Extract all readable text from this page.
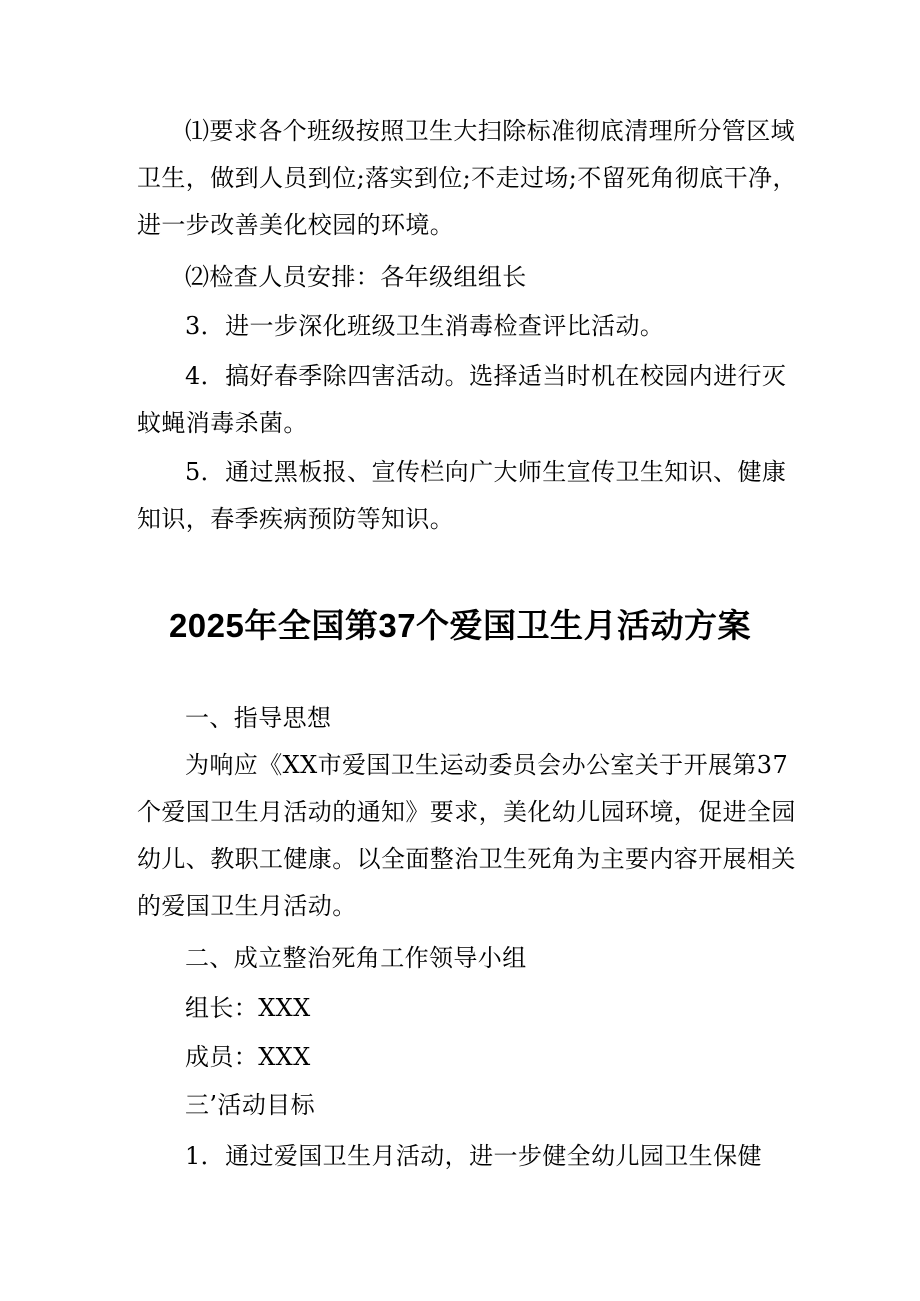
⑴要求各个班级按照卫生大扫除标准彻底清理所分管区域卫生，做到人员到位;落实到位;不走过场;不留死角彻底干净，进一步改善美化校园的环境。

⑵检查人员安排：各年级组组长

3．进一步深化班级卫生消毒检查评比活动。

4．搞好春季除四害活动。选择适当时机在校园内进行灭蚊蝇消毒杀菌。

5．通过黑板报、宣传栏向广大师生宣传卫生知识、健康知识，春季疾病预防等知识。

2025年全国第37个爱国卫生月活动方案

一、指导思想

为响应《XX市爱国卫生运动委员会办公室关于开展第37个爱国卫生月活动的通知》要求，美化幼儿园环境，促进全园幼儿、教职工健康。以全面整治卫生死角为主要内容开展相关的爱国卫生月活动。

二、成立整治死角工作领导小组

组长：XXX

成员：XXX

三’活动目标

1．通过爱国卫生月活动，进一步健全幼儿园卫生保健
